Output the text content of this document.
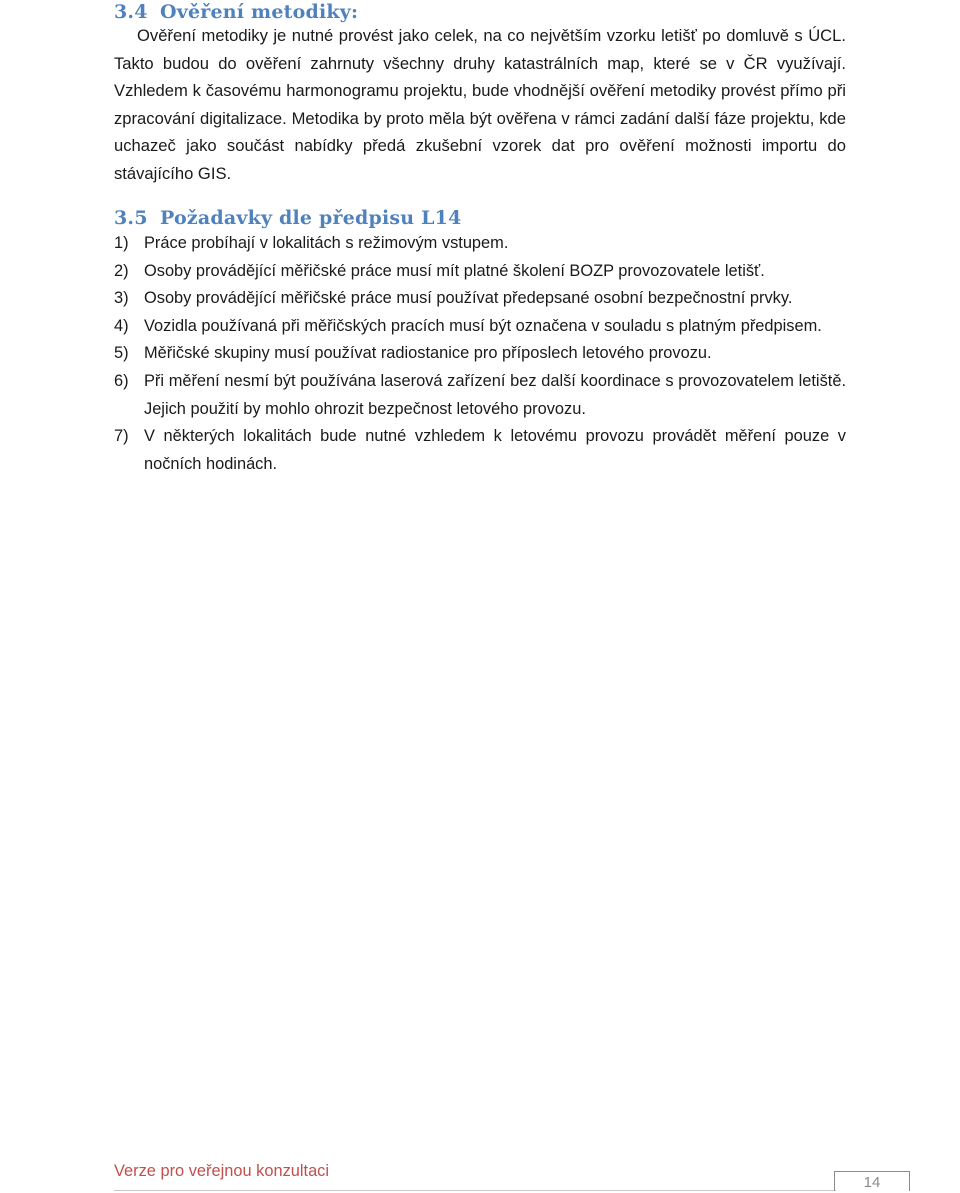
3.4 Ověření metodiky:

Ověření metodiky je nutné provést jako celek, na co největším vzorku letišť po domluvě s ÚCL. Takto budou do ověření zahrnuty všechny druhy katastrálních map, které se v ČR využívají. Vzhledem k časovému harmonogramu projektu, bude vhodnější ověření metodiky provést přímo při zpracování digitalizace. Metodika by proto měla být ověřena v rámci zadání další fáze projektu, kde uchazeč jako součást nabídky předá zkušební vzorek dat pro ověření možnosti importu do stávajícího GIS.

3.5 Požadavky dle předpisu L14
1) Práce probíhají v lokalitách s režimovým vstupem.
2) Osoby provádějící měřičské práce musí mít platné školení BOZP provozovatele letišť.
3) Osoby provádějící měřičské práce musí používat předepsané osobní bezpečnostní prvky.
4) Vozidla používaná při měřičských pracích musí být označena v souladu s platným předpisem.
5) Měřičské skupiny musí používat radiostanice pro příposlech letového provozu.
6) Při měření nesmí být používána laserová zařízení bez další koordinace s provozovatelem letiště. Jejich použití by mohlo ohrozit bezpečnost letového provozu.
7) V některých lokalitách bude nutné vzhledem k letovému provozu provádět měření pouze v nočních hodinách.
Verze pro veřejnou konzultaci
14
